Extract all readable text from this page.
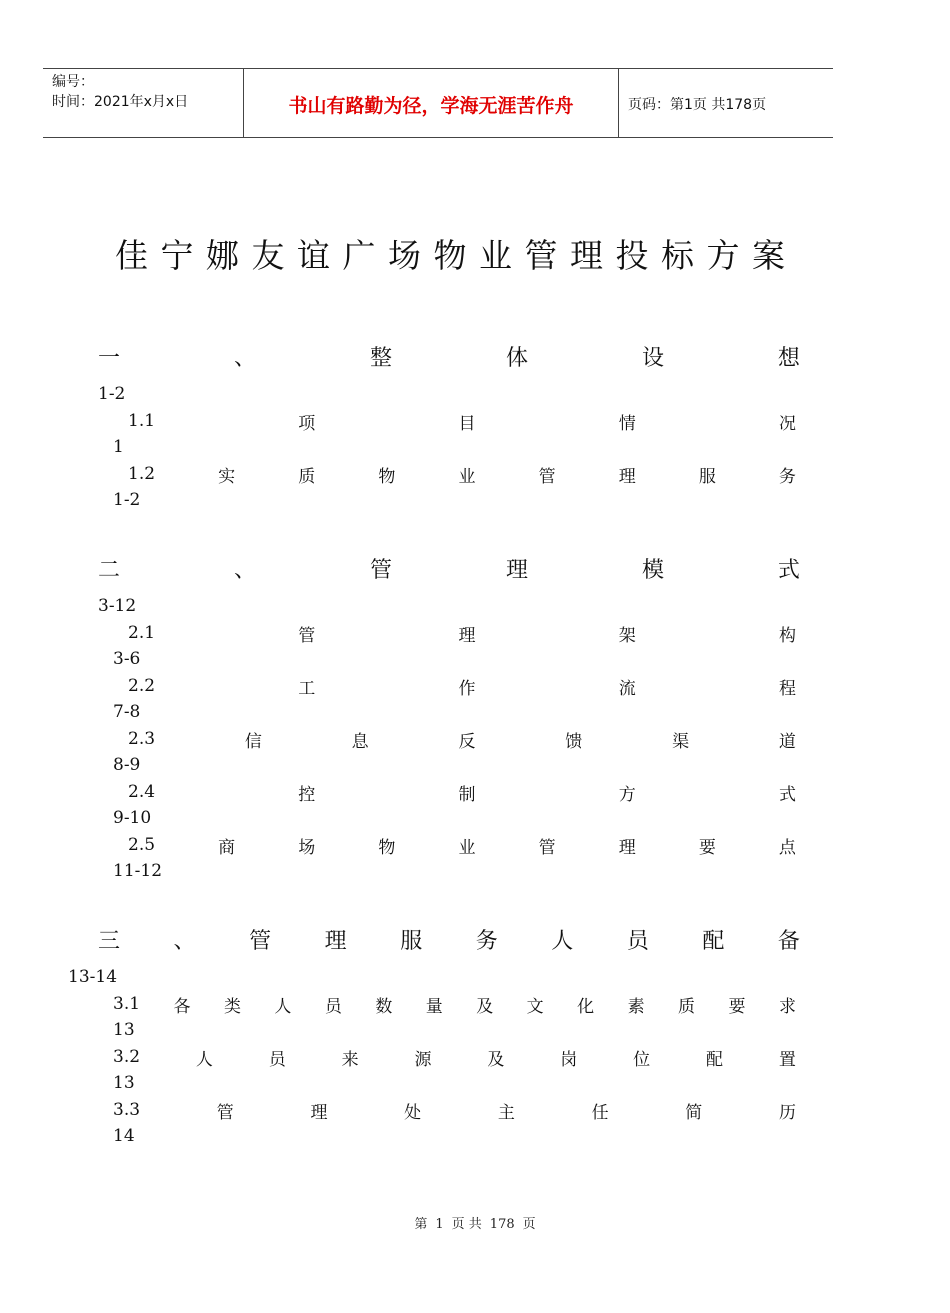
编号：
时间：2021年x月x日	书山有路勤为径，学海无涯苦作舟	页码：第1页 共178页
佳 宁 娜 友 谊 广 场 物 业 管 理 投 标 方 案
一	、	整	体	设	想
1-2
1.1	项	目	情	况
1
1.2	实	质	物	业	管	理	服	务
1-2
二	、	管	理	模	式
3-12
2.1	管	理	架	构
3-6
2.2	工	作	流	程
7-8
2.3	信	息	反	馈	渠	道
8-9
2.4	控	制	方	式
9-10
2.5	商	场	物	业	管	理	要	点
11-12
三 、 管 理 服 务 人 员 配 备
13-14
3.1 各 类 人 员 数 量 及 文 化 素 质 要 求
13
3.2	人	员	来	源	及	岗	位	配	置
13
3.3	管	理	处	主	任	简	历
14
第 1 页 共 178 页
